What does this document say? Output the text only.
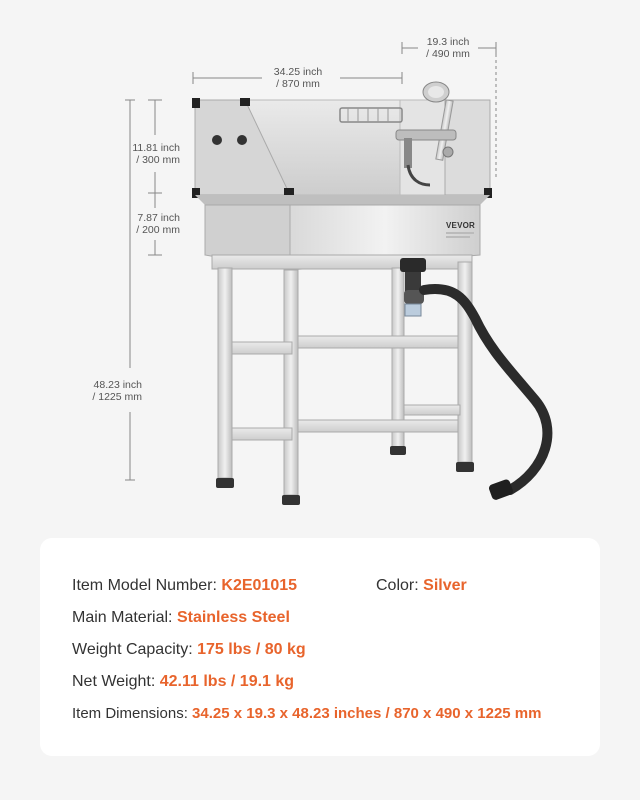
VEVOR
34.25 inch
/ 870 mm
19.3 inch
/ 490 mm
11.81 inch
/ 300 mm
7.87 inch
/ 200 mm
48.23 inch
/ 1225 mm
Item Model Number: K2E01015	Color: Silver
Main Material: Stainless Steel
Weight Capacity: 175 lbs / 80 kg
Net Weight: 42.11 lbs / 19.1 kg
Item Dimensions: 34.25 x 19.3 x 48.23 inches / 870 x 490 x 1225 mm
